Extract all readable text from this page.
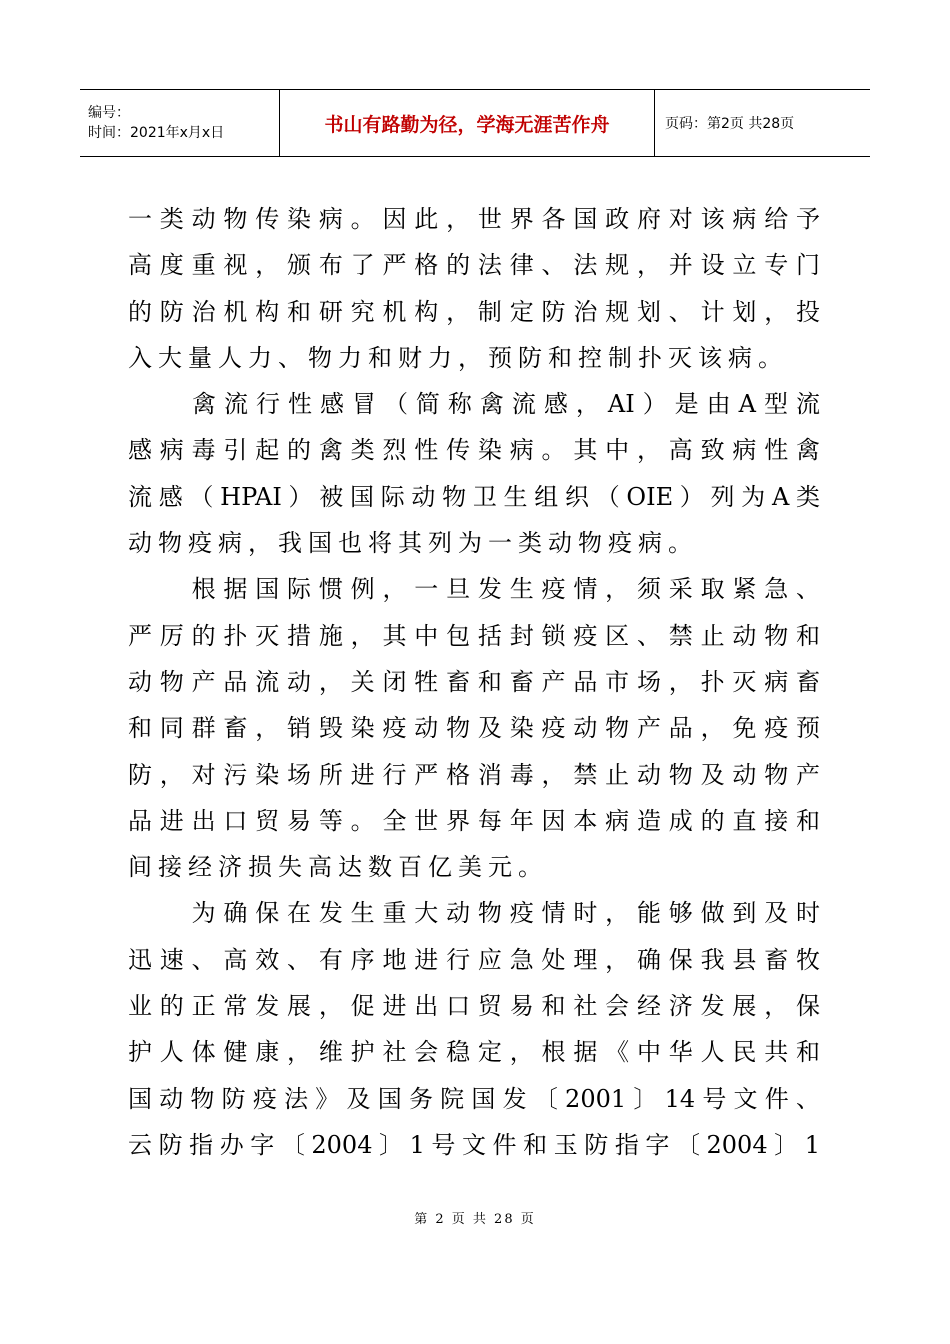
编号：
时间：2021年x月x日	书山有路勤为径，学海无涯苦作舟	页码：第2页 共28页
一类动物传染病。因此，世界各国政府对该病给予
高度重视，颁布了严格的法律、法规，并设立专门
的防治机构和研究机构，制定防治规划、计划，投
入大量人力、物力和财力，预防和控制扑灭该病。
　　禽流行性感冒（简称禽流感，AI）是由A型流
感病毒引起的禽类烈性传染病。其中，高致病性禽
流感（HPAI）被国际动物卫生组织（OIE）列为A类
动物疫病，我国也将其列为一类动物疫病。
　　根据国际惯例，一旦发生疫情，须采取紧急、
严厉的扑灭措施，其中包括封锁疫区、禁止动物和
动物产品流动，关闭牲畜和畜产品市场，扑灭病畜
和同群畜，销毁染疫动物及染疫动物产品，免疫预
防，对污染场所进行严格消毒，禁止动物及动物产
品进出口贸易等。全世界每年因本病造成的直接和
间接经济损失高达数百亿美元。
　　为确保在发生重大动物疫情时，能够做到及时
迅速、高效、有序地进行应急处理，确保我县畜牧
业的正常发展，促进出口贸易和社会经济发展，保
护人体健康，维护社会稳定，根据《中华人民共和
国动物防疫法》及国务院国发〔2001〕14号文件、
云防指办字〔2004〕1号文件和玉防指字〔2004〕1
第 2 页 共 28 页
